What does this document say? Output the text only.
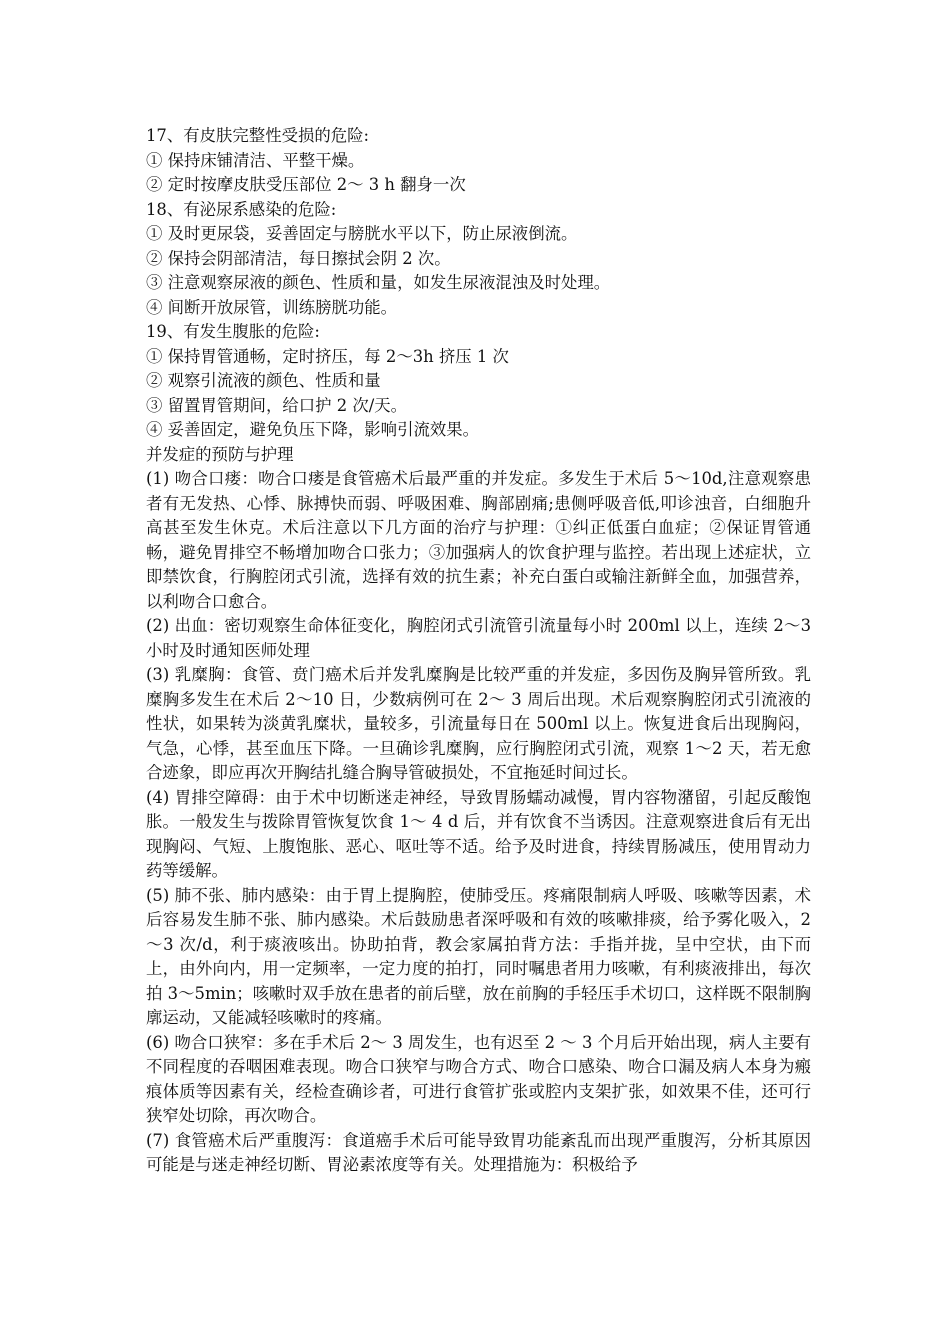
17、有皮肤完整性受损的危险:
① 保持床铺清洁、平整干燥。
② 定时按摩皮肤受压部位 2～ 3 h 翻身一次
18、有泌尿系感染的危险:
① 及时更尿袋，妥善固定与膀胱水平以下，防止尿液倒流。
② 保持会阴部清洁，每日擦拭会阴 2 次。
③ 注意观察尿液的颜色、性质和量，如发生尿液混浊及时处理。
④ 间断开放尿管，训练膀胱功能。
19、有发生腹胀的危险:
① 保持胃管通畅，定时挤压，每 2～3h 挤压 1 次
② 观察引流液的颜色、性质和量
③ 留置胃管期间，给口护 2 次/天。
④ 妥善固定，避免负压下降，影响引流效果。
并发症的预防与护理

(1) 吻合口瘘：吻合口瘘是食管癌术后最严重的并发症。多发生于术后 5～10d,注意观察患者有无发热、心悸、脉搏快而弱、呼吸困难、胸部剧痛;患侧呼吸音低,叩诊浊音，白细胞升高甚至发生休克。术后注意以下几方面的治疗与护理：①纠正低蛋白血症；②保证胃管通畅，避免胃排空不畅增加吻合口张力；③加强病人的饮食护理与监控。若出现上述症状，立即禁饮食，行胸腔闭式引流，选择有效的抗生素；补充白蛋白或输注新鲜全血，加强营养，以利吻合口愈合。

(2) 出血：密切观察生命体征变化，胸腔闭式引流管引流量每小时 200ml 以上，连续 2～3 小时及时通知医师处理

(3) 乳糜胸：食管、贲门癌术后并发乳糜胸是比较严重的并发症，多因伤及胸异管所致。乳糜胸多发生在术后 2～10 日，少数病例可在 2～ 3 周后出现。术后观察胸腔闭式引流液的性状，如果转为淡黄乳糜状，量较多，引流量每日在 500ml 以上。恢复进食后出现胸闷，气急，心悸，甚至血压下降。一旦确诊乳糜胸，应行胸腔闭式引流，观察 1～2 天，若无愈合迹象，即应再次开胸结扎缝合胸导管破损处，不宜拖延时间过长。

(4) 胃排空障碍：由于术中切断迷走神经，导致胃肠蠕动减慢，胃内容物潴留，引起反酸饱胀。一般发生与拨除胃管恢复饮食 1～ 4 d 后，并有饮食不当诱因。注意观察进食后有无出现胸闷、气短、上腹饱胀、恶心、呕吐等不适。给予及时进食，持续胃肠减压，使用胃动力药等缓解。

(5) 肺不张、肺内感染：由于胃上提胸腔，使肺受压。疼痛限制病人呼吸、咳嗽等因素，术后容易发生肺不张、肺内感染。术后鼓励患者深呼吸和有效的咳嗽排痰，给予雾化吸入，2～3 次/d，利于痰液咳出。协助拍背，教会家属拍背方法：手指并拢，呈中空状，由下而上，由外向内，用一定频率，一定力度的拍打，同时嘱患者用力咳嗽，有利痰液排出，每次拍 3～5min；咳嗽时双手放在患者的前后壁，放在前胸的手轻压手术切口，这样既不限制胸廓运动，又能减轻咳嗽时的疼痛。

(6) 吻合口狭窄：多在手术后 2～ 3 周发生，也有迟至 2 ～ 3 个月后开始出现，病人主要有不同程度的吞咽困难表现。吻合口狭窄与吻合方式、吻合口感染、吻合口漏及病人本身为瘢痕体质等因素有关，经检查确诊者，可进行食管扩张或腔内支架扩张，如效果不佳，还可行狭窄处切除，再次吻合。

(7) 食管癌术后严重腹泻：食道癌手术后可能导致胃功能紊乱而出现严重腹泻，分析其原因可能是与迷走神经切断、胃泌素浓度等有关。处理措施为：积极给予
